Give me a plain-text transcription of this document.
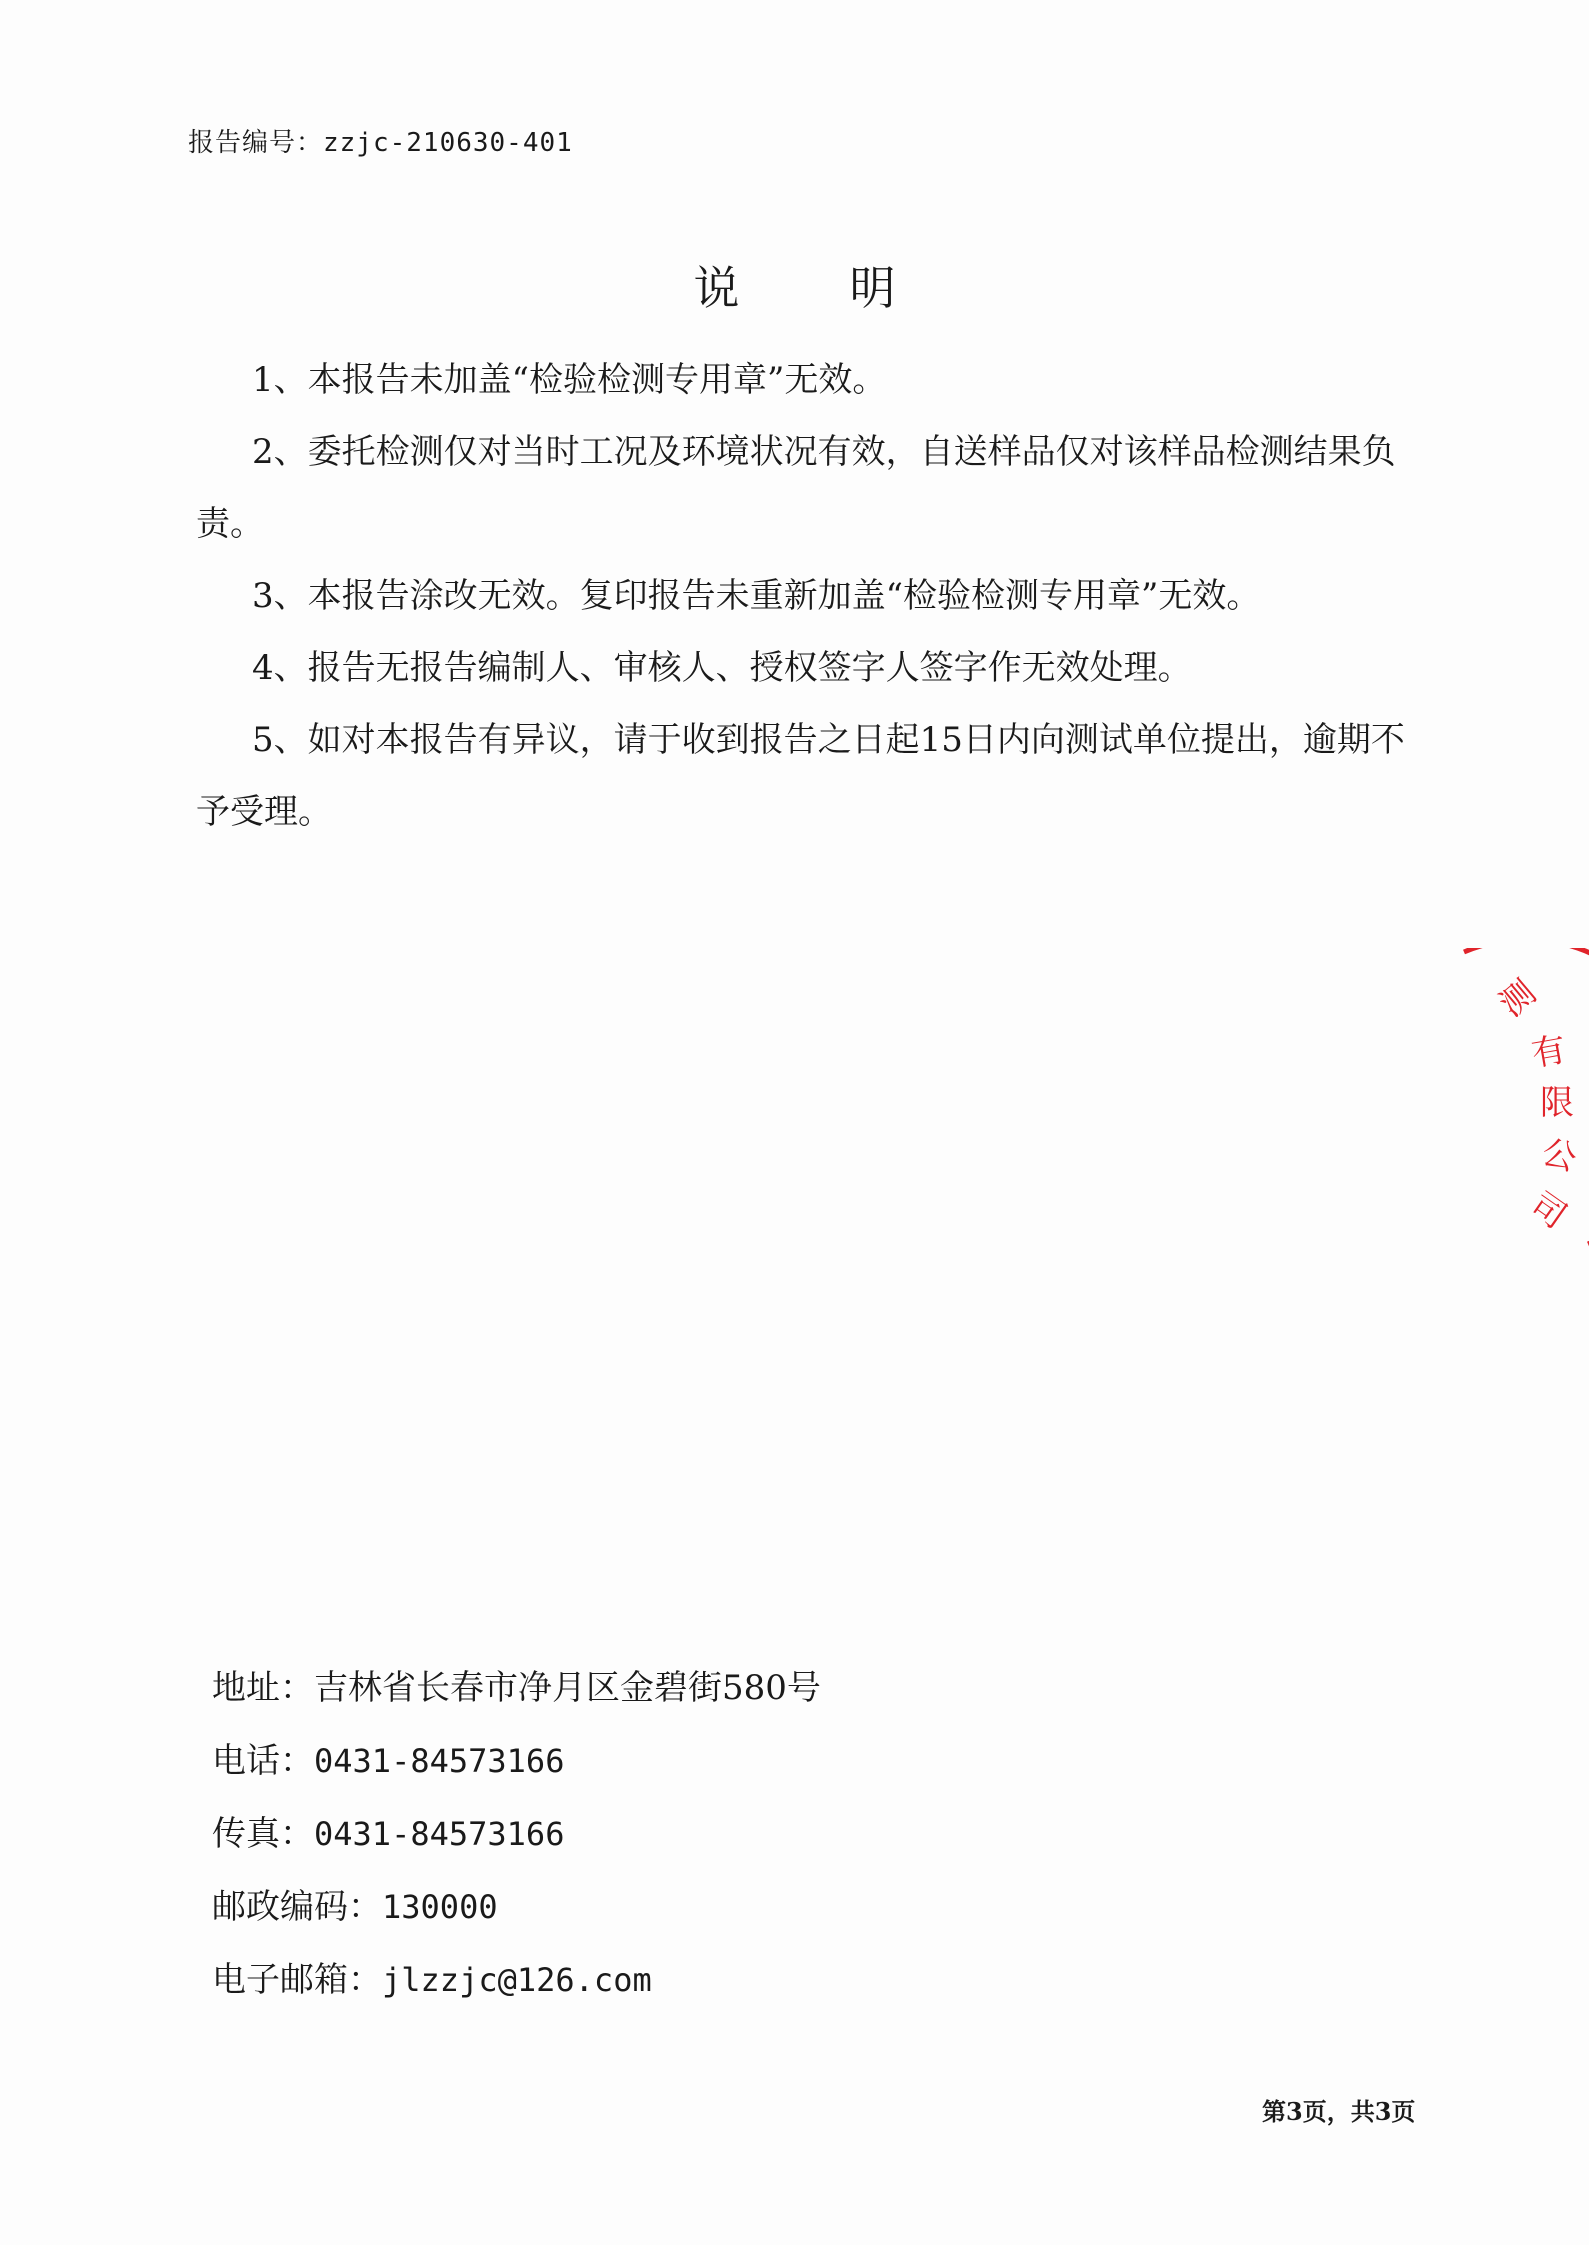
报告编号：zzjc-210630-401
说明

1、本报告未加盖“检验检测专用章”无效。

2、委托检测仅对当时工况及环境状况有效，自送样品仅对该样品检测结果负责。

3、本报告涂改无效。复印报告未重新加盖“检验检测专用章”无效。

4、报告无报告编制人、审核人、授权签字人签字作无效处理。

5、如对本报告有异议，请于收到报告之日起15日内向测试单位提出，逾期不予受理。

测
有
限
公
司

地址：吉林省长春市净月区金碧街580号

电话：0431-84573166

传真：0431-84573166

邮政编码：130000

电子邮箱：jlzzjc@126.com

第3页，共3页
